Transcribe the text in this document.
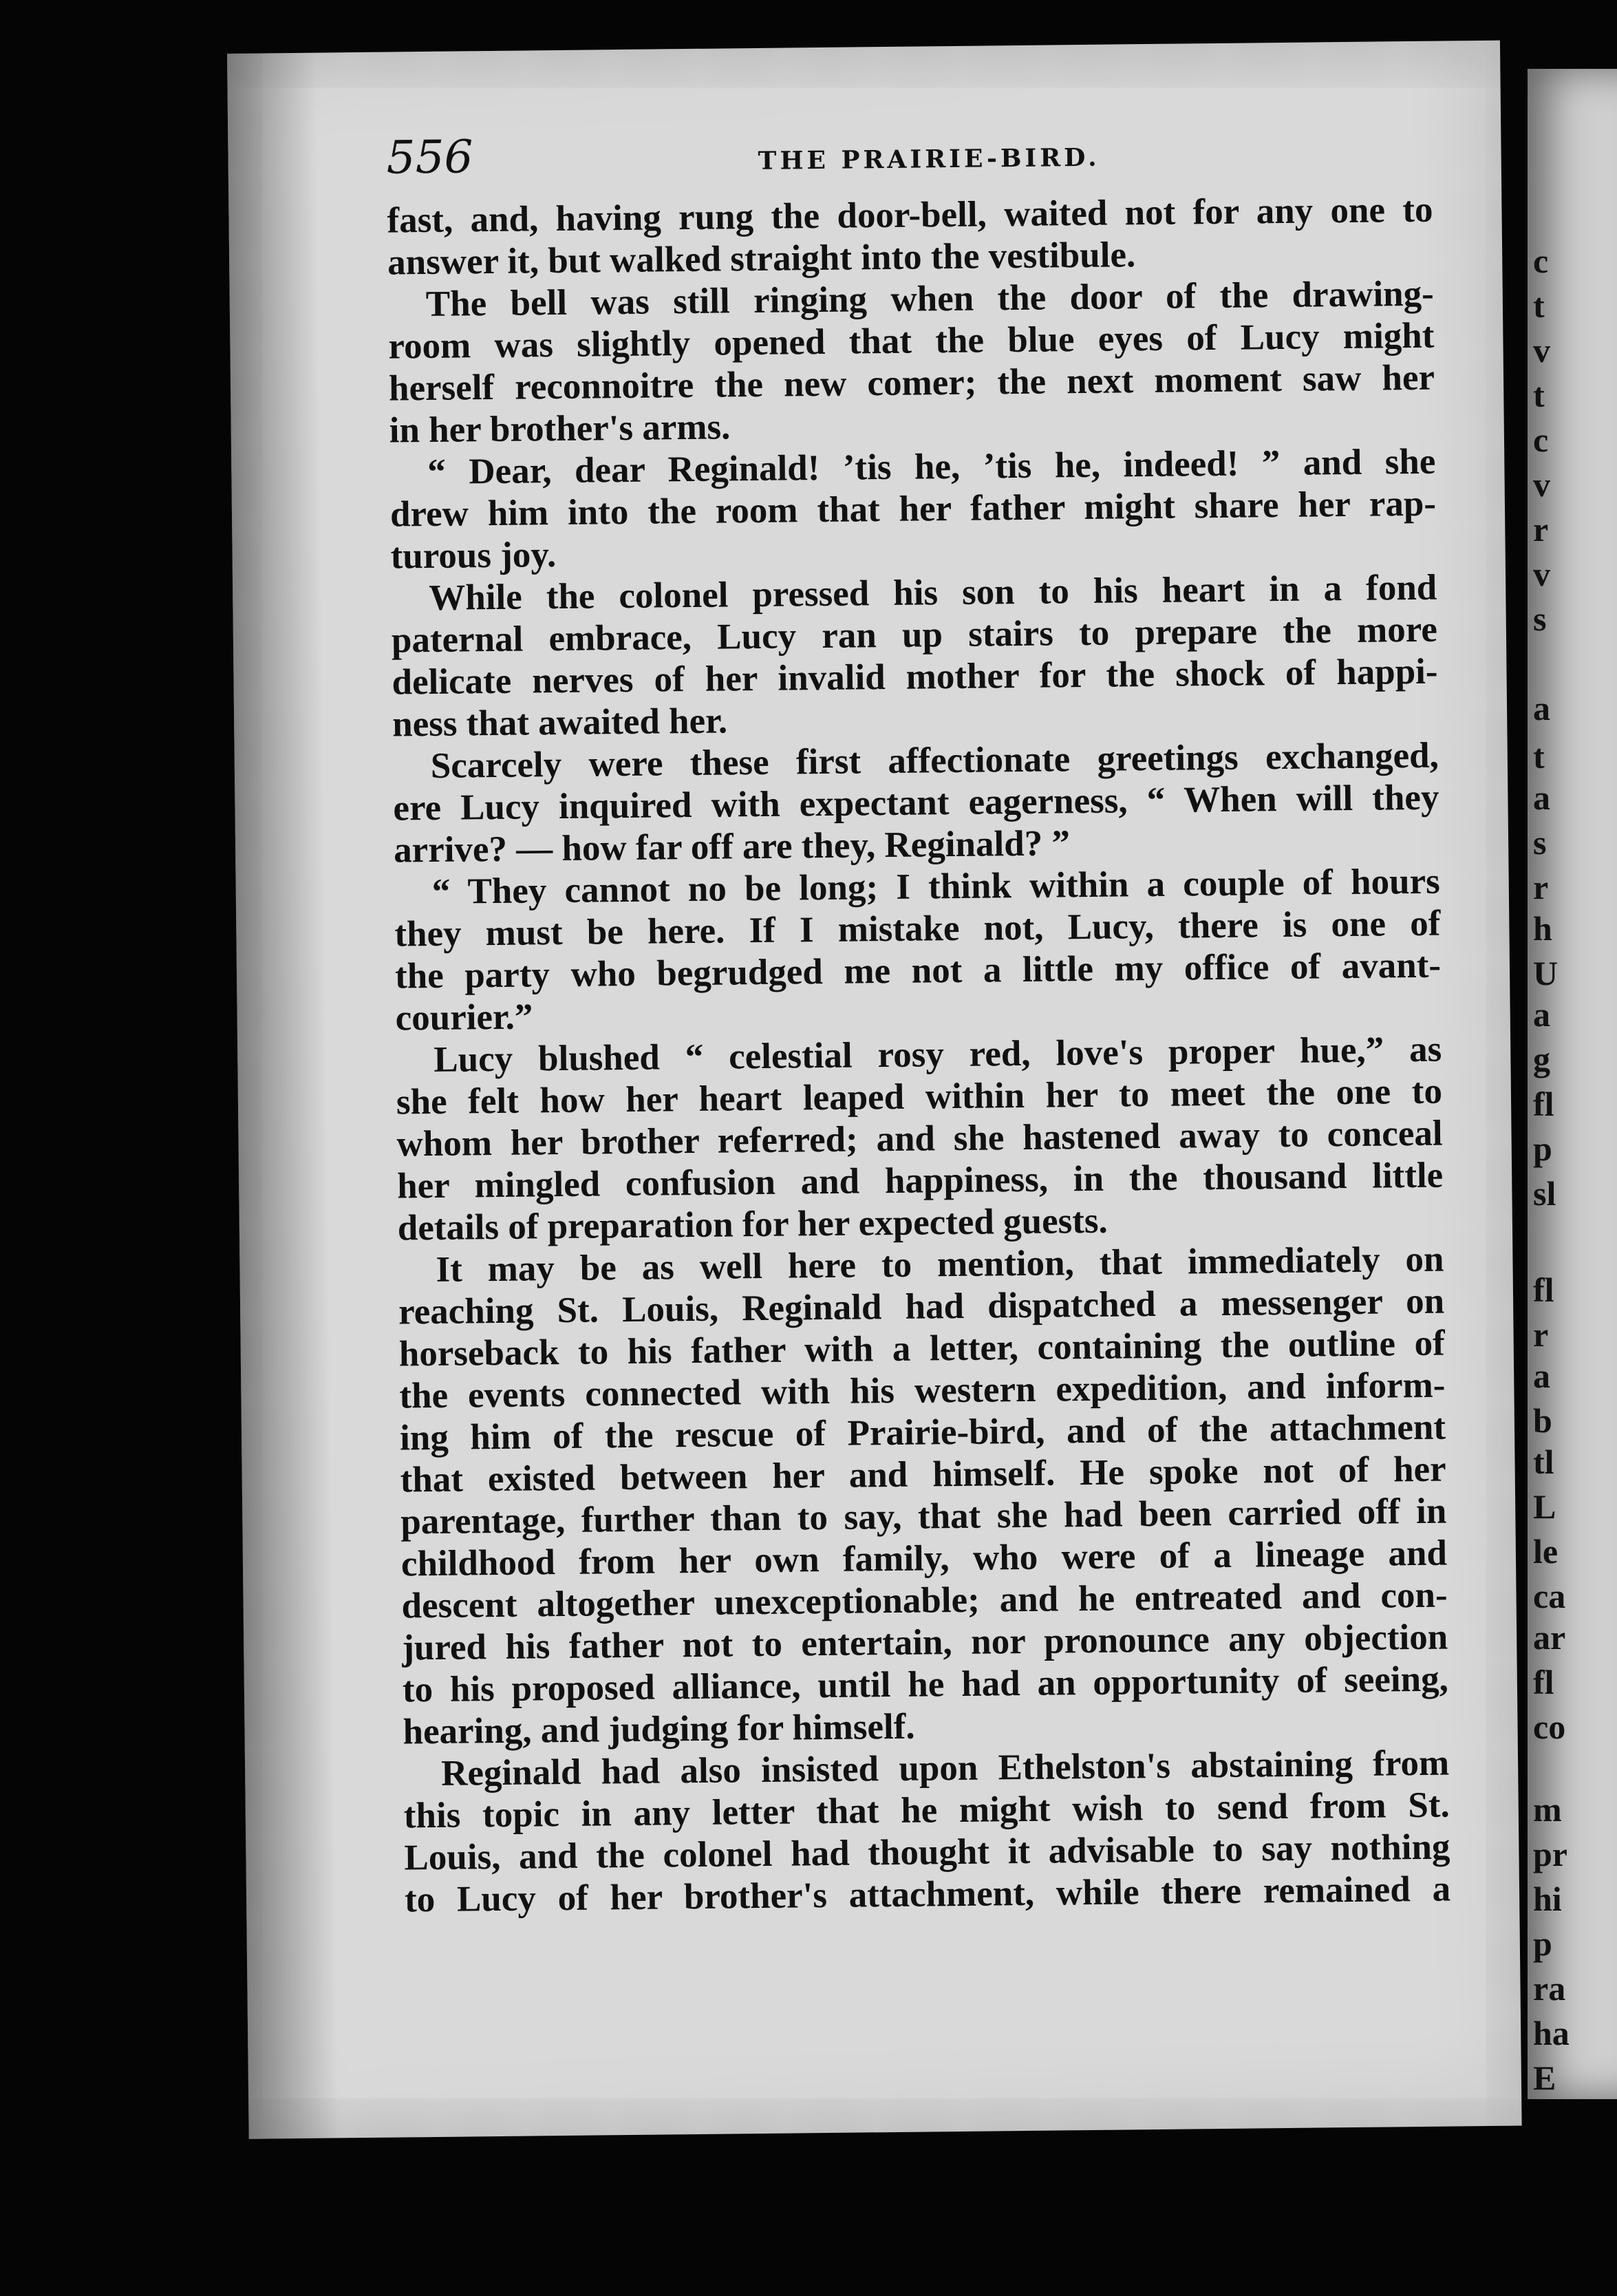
556	THE PRAIRIE-BIRD.

fast, and, having rung the door-bell, waited not for any one to
answer it, but walked straight into the vestibule.

The bell was still ringing when the door of the drawing-
room was slightly opened that the blue eyes of Lucy might
herself reconnoitre the new comer; the next moment saw her
in her brother's arms.

“ Dear, dear Reginald! ’tis he, ’tis he, indeed! ” and she
drew him into the room that her father might share her rap-
turous joy.

While the colonel pressed his son to his heart in a fond
paternal embrace, Lucy ran up stairs to prepare the more
delicate nerves of her invalid mother for the shock of happi-
ness that awaited her.

Scarcely were these first affectionate greetings exchanged,
ere Lucy inquired with expectant eagerness, “ When will they
arrive? — how far off are they, Reginald? ”

“ They cannot no be long; I think within a couple of hours
they must be here. If I mistake not, Lucy, there is one of
the party who begrudged me not a little my office of avant-
courier.”

Lucy blushed “ celestial rosy red, love's proper hue,” as
she felt how her heart leaped within her to meet the one to
whom her brother referred; and she hastened away to conceal
her mingled confusion and happiness, in the thousand little
details of preparation for her expected guests.

It may be as well here to mention, that immediately on
reaching St. Louis, Reginald had dispatched a messenger on
horseback to his father with a letter, containing the outline of
the events connected with his western expedition, and inform-
ing him of the rescue of Prairie-bird, and of the attachment
that existed between her and himself. He spoke not of her
parentage, further than to say, that she had been carried off in
childhood from her own family, who were of a lineage and
descent altogether unexceptionable; and he entreated and con-
jured his father not to entertain, nor pronounce any objection
to his proposed alliance, until he had an opportunity of seeing,
hearing, and judging for himself.

Reginald had also insisted upon Ethelston's abstaining from
this topic in any letter that he might wish to send from St.
Louis, and the colonel had thought it advisable to say nothing
to Lucy of her brother's attachment, while there remained a

c
t
v
t
c
v
r
v
s
a
t
a
s
r
h
U
a
g
fl
p
sl
fl
r
a
b
tl
L
le
ca
ar
fl
co
m
pr
hi
p
ra
ha
E
